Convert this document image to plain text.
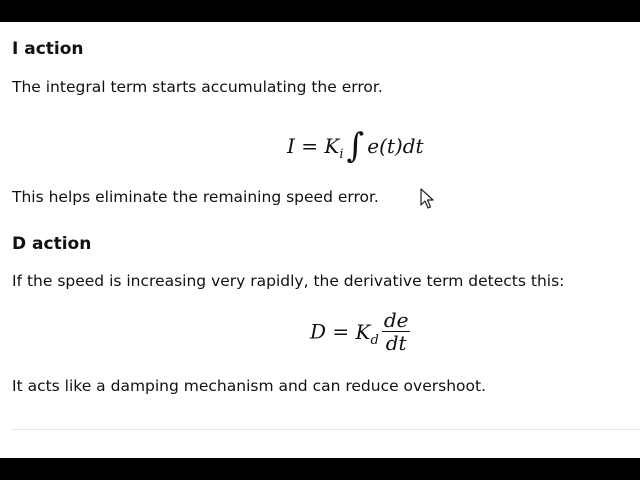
I action

The integral term starts accumulating the error.

$I = K_i\int$ e(t)dt

This helps eliminate the remaining speed error.

D action

If the speed is increasing very rapidly, the derivative term detects this:

$D = K_d \frac{de}{dt}$

It acts like a damping mechanism and can reduce overshoot.
